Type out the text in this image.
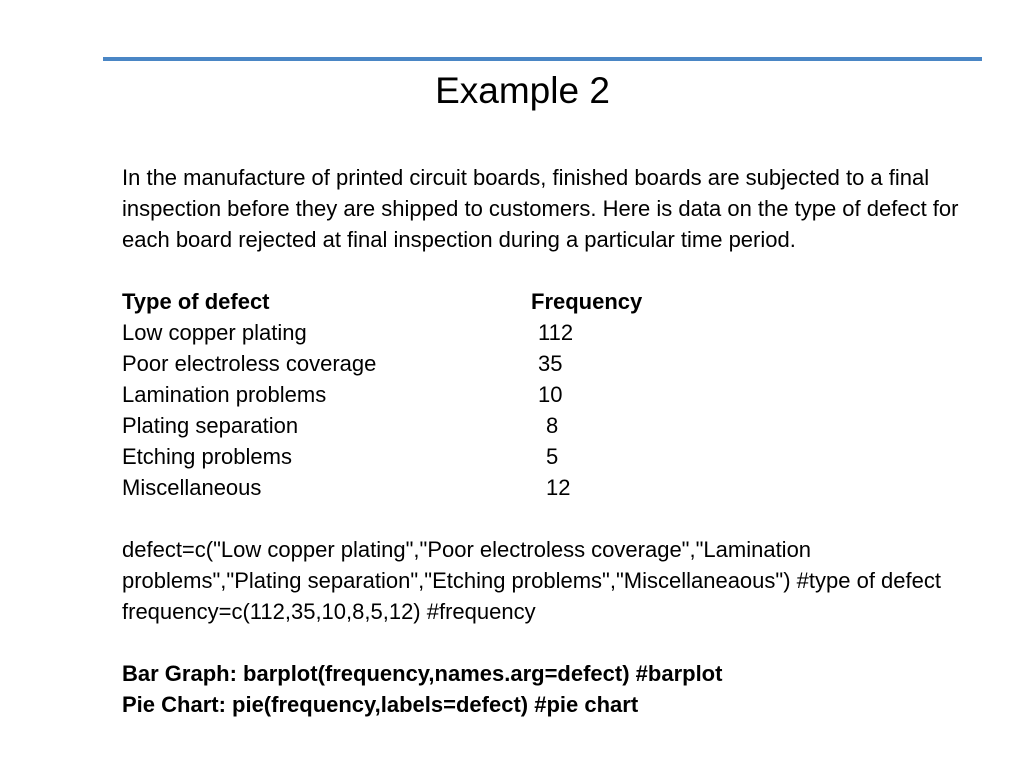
Example 2

In the manufacture of printed circuit boards, finished boards are subjected to a final inspection before they are shipped to customers. Here is data on the type of defect for each board rejected at final inspection during a particular time period.

Type of defect	Frequency
Low copper plating	112
Poor electroless coverage	35
Lamination problems	10
Plating separation	8
Etching problems	5
Miscellaneous	12

defect=c("Low copper plating","Poor electroless coverage","Lamination problems","Plating separation","Etching problems","Miscellaneaous") #type of defect

frequency=c(112,35,10,8,5,12) #frequency

Bar Graph: barplot(frequency,names.arg=defect) #barplot

Pie Chart: pie(frequency,labels=defect) #pie chart
